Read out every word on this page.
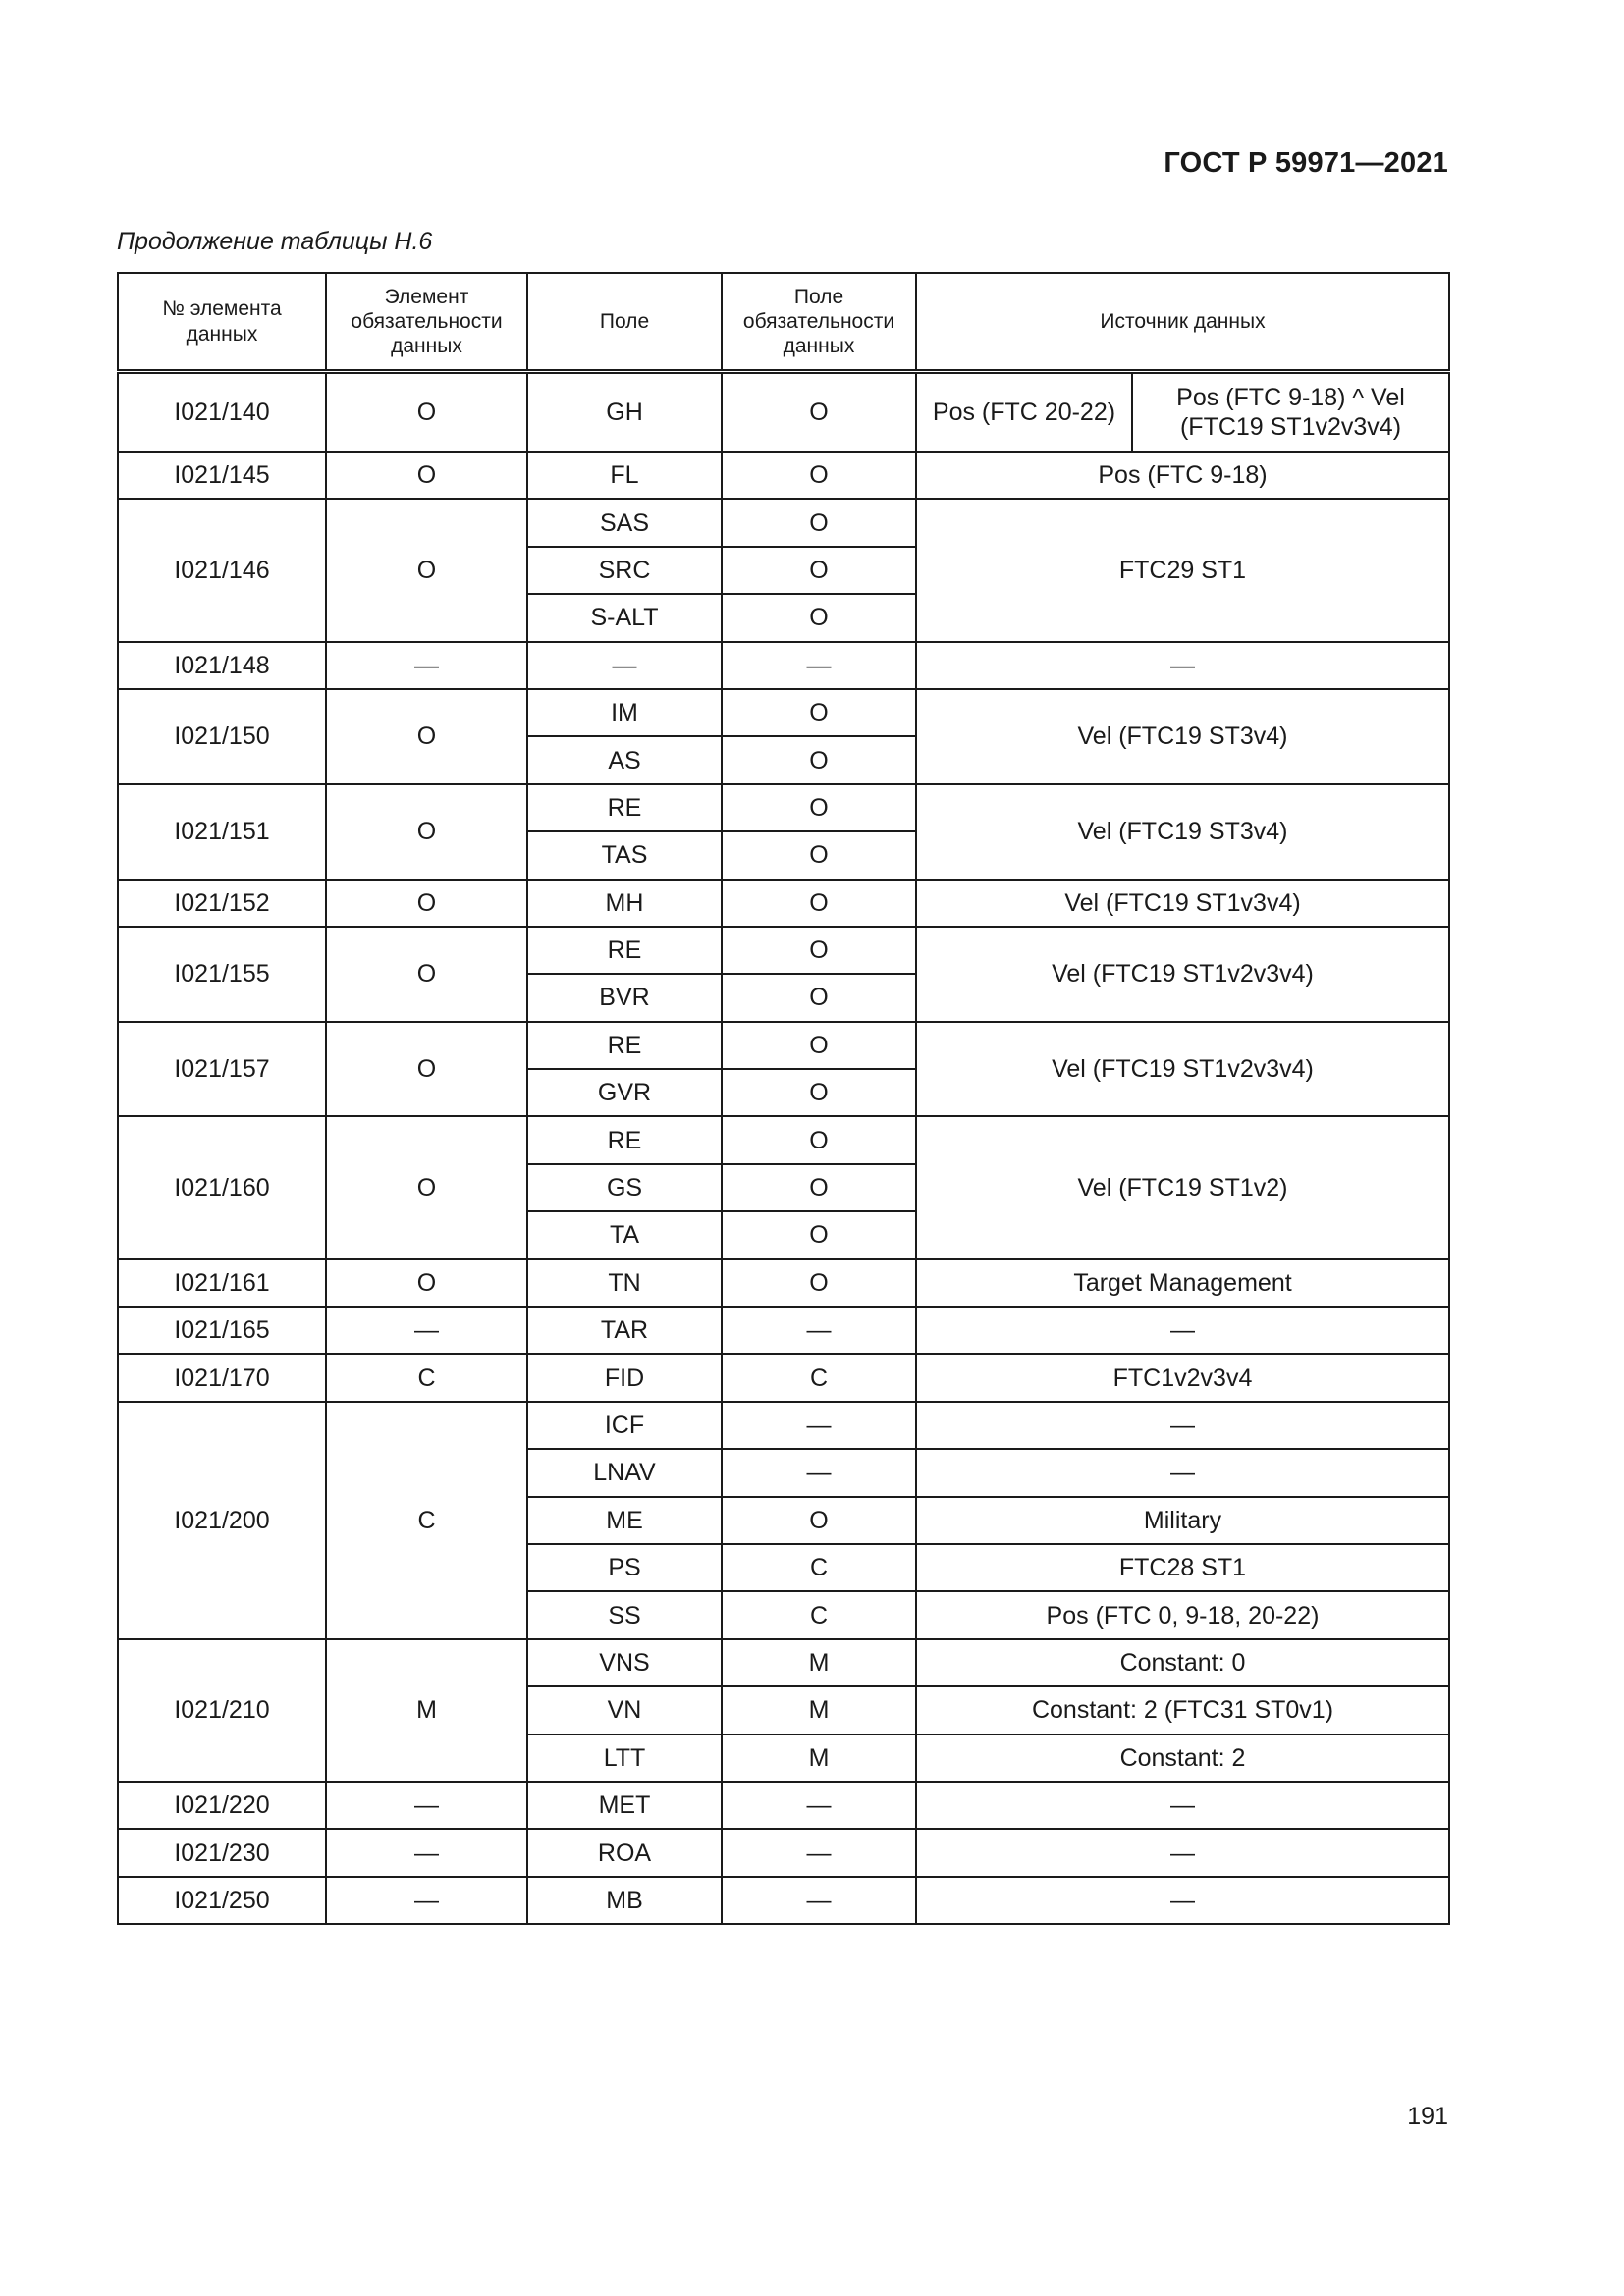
ГОСТ Р 59971—2021
Продолжение таблицы Н.6
№ элемента данных	Элемент обязательности данных	Поле	Поле обязательности данных	Источник данных	
I021/140	O	GH	O	Pos (FTC 20-22)	Pos (FTC 9-18) ^ Vel (FTC19 ST1v2v3v4)
I021/145	O	FL	O	Pos (FTC 9-18)	
I021/146	O	SAS	O	FTC29 ST1	
		SRC	O		
		S-ALT	O		
I021/148	—	—	—	—	
I021/150	O	IM	O	Vel (FTC19 ST3v4)	
		AS	O		
I021/151	O	RE	O	Vel (FTC19 ST3v4)	
		TAS	O		
I021/152	O	MH	O	Vel (FTC19 ST1v3v4)	
I021/155	O	RE	O	Vel (FTC19 ST1v2v3v4)	
		BVR	O		
I021/157	O	RE	O	Vel (FTC19 ST1v2v3v4)	
		GVR	O		
I021/160	O	RE	O	Vel (FTC19 ST1v2)	
		GS	O		
		TA	O		
I021/161	O	TN	O	Target Management	
I021/165	—	TAR	—	—	
I021/170	C	FID	C	FTC1v2v3v4	
I021/200	C	ICF	—	—	
		LNAV	—	—	
		ME	O	Military	
		PS	C	FTC28 ST1	
		SS	C	Pos (FTC 0, 9-18, 20-22)	
I021/210	M	VNS	M	Constant: 0	
		VN	M	Constant: 2 (FTC31 ST0v1)	
		LTT	M	Constant: 2	
I021/220	—	MET	—	—	
I021/230	—	ROA	—	—	
I021/250	—	MB	—	—	
191
